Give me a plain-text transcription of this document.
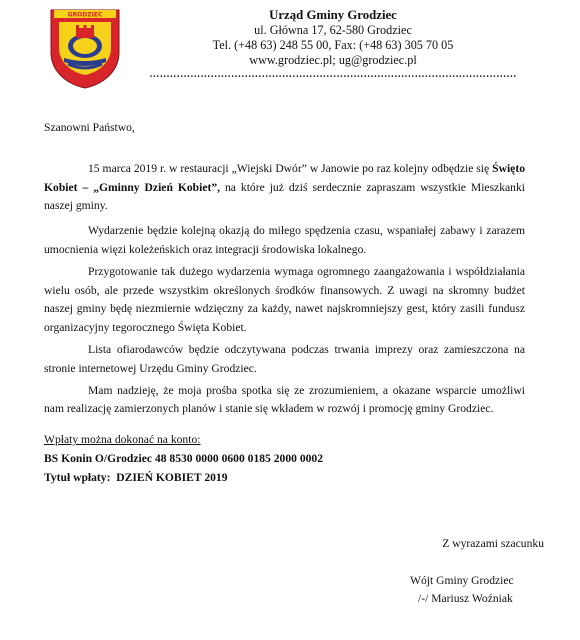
GRODZIEC	Urząd Gminy Grodziec
ul. Główna 17, 62-580 Grodziec
Tel. (+48 63) 248 55 00, Fax: (+48 63) 305 70 05
www.grodziec.pl; ug@grodziec.pl
………………………………………………………………………………………………

Szanowni Państwo,

15 marca 2019 r. w restauracji „Wiejski Dwór” w Janowie po raz kolejny odbędzie się Święto Kobiet – „Gminny Dzień Kobiet”, na które już dziś serdecznie zapraszam wszystkie Mieszkanki naszej gminy.

Wydarzenie będzie kolejną okazją do miłego spędzenia czasu, wspaniałej zabawy i zarazem umocnienia więzi koleżeńskich oraz integracji środowiska lokalnego.

Przygotowanie tak dużego wydarzenia wymaga ogromnego zaangażowania i współdziałania wielu osób, ale przede wszystkim określonych środków finansowych. Z uwagi na skromny budżet naszej gminy będę niezmiernie wdzięczny za każdy, nawet najskromniejszy gest, który zasili fundusz organizacyjny tegorocznego Święta Kobiet.

Lista ofiarodawców będzie odczytywana podczas trwania imprezy oraz zamieszczona na stronie internetowej Urzędu Gminy Grodziec.

Mam nadzieję, że moja prośba spotka się ze zrozumieniem, a okazane wsparcie umożliwi nam realizację zamierzonych planów i stanie się wkładem w rozwój i promocję gminy Grodziec.

Wpłaty można dokonać na konto:

BS Konin O/Grodziec 48 8530 0000 0600 0185 2000 0002

Tytuł wpłaty: DZIEŃ KOBIET 2019

Z wyrazami szacunku
Wójt Gminy Grodziec
/-/ Mariusz Woźniak
